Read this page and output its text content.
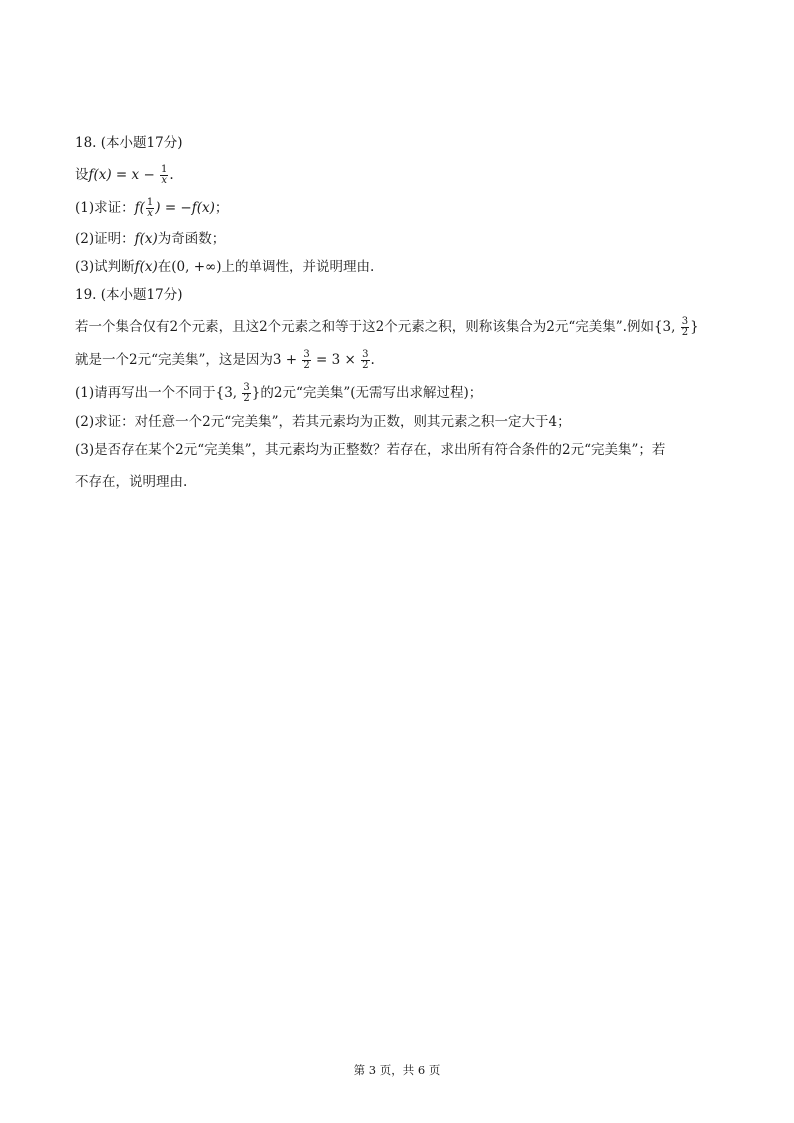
18. (本小题17分)

设$f(x) = x - \frac{1}{x}$ .

(1)求证：$f( \frac{1}{x}$ ) = −f(x)；

(2)证明：f(x)为奇函数；

(3)试判断f(x)在(0, +∞)上的单调性，并说明理由.

19. (本小题17分)

若一个集合仅有2个元素，且这2个元素之和等于这2个元素之积，则称该集合为2元“完美集”.例如{3, $\frac{3}{2}$ }

就是一个2元“完美集”，这是因为$3 + \frac{3}{2} = 3 \times \frac{3}{2}$ .

(1)请再写出一个不同于{3, $\frac{3}{2}$ }的2元“完美集”(无需写出求解过程)；

(2)求证：对任意一个2元“完美集”，若其元素均为正数，则其元素之积一定大于4；

(3)是否存在某个2元“完美集”，其元素均为正整数？若存在，求出所有符合条件的2元“完美集”；若

不存在，说明理由.

第 3 页，共 6 页
